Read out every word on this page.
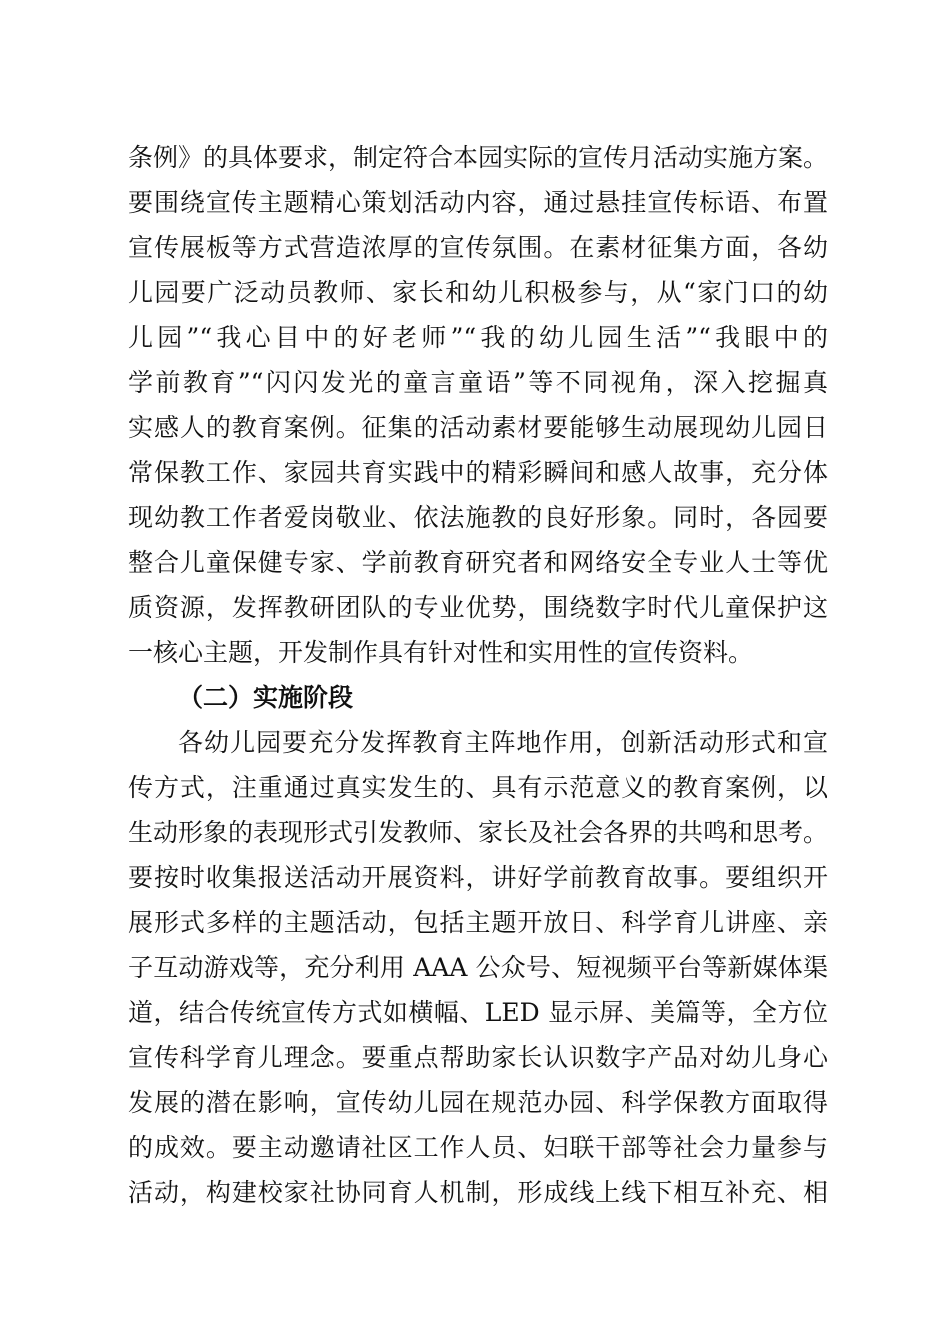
条例》的具体要求，制定符合本园实际的宣传月活动实施方案。
要围绕宣传主题精心策划活动内容，通过悬挂宣传标语、布置
宣传展板等方式营造浓厚的宣传氛围。在素材征集方面，各幼
儿园要广泛动员教师、家长和幼儿积极参与，从“家门口的幼
儿园”“我心目中的好老师”“我的幼儿园生活”“我眼中的
学前教育”“闪闪发光的童言童语”等不同视角，深入挖掘真
实感人的教育案例。征集的活动素材要能够生动展现幼儿园日
常保教工作、家园共育实践中的精彩瞬间和感人故事，充分体
现幼教工作者爱岗敬业、依法施教的良好形象。同时，各园要
整合儿童保健专家、学前教育研究者和网络安全专业人士等优
质资源，发挥教研团队的专业优势，围绕数字时代儿童保护这
一核心主题，开发制作具有针对性和实用性的宣传资料。
（二）实施阶段
各幼儿园要充分发挥教育主阵地作用，创新活动形式和宣
传方式，注重通过真实发生的、具有示范意义的教育案例，以
生动形象的表现形式引发教师、家长及社会各界的共鸣和思考。
要按时收集报送活动开展资料，讲好学前教育故事。要组织开
展形式多样的主题活动，包括主题开放日、科学育儿讲座、亲
子互动游戏等，充分利用 AAA 公众号、短视频平台等新媒体渠
道，结合传统宣传方式如横幅、LED 显示屏、美篇等，全方位
宣传科学育儿理念。要重点帮助家长认识数字产品对幼儿身心
发展的潜在影响，宣传幼儿园在规范办园、科学保教方面取得
的成效。要主动邀请社区工作人员、妇联干部等社会力量参与
活动，构建校家社协同育人机制，形成线上线下相互补充、相
